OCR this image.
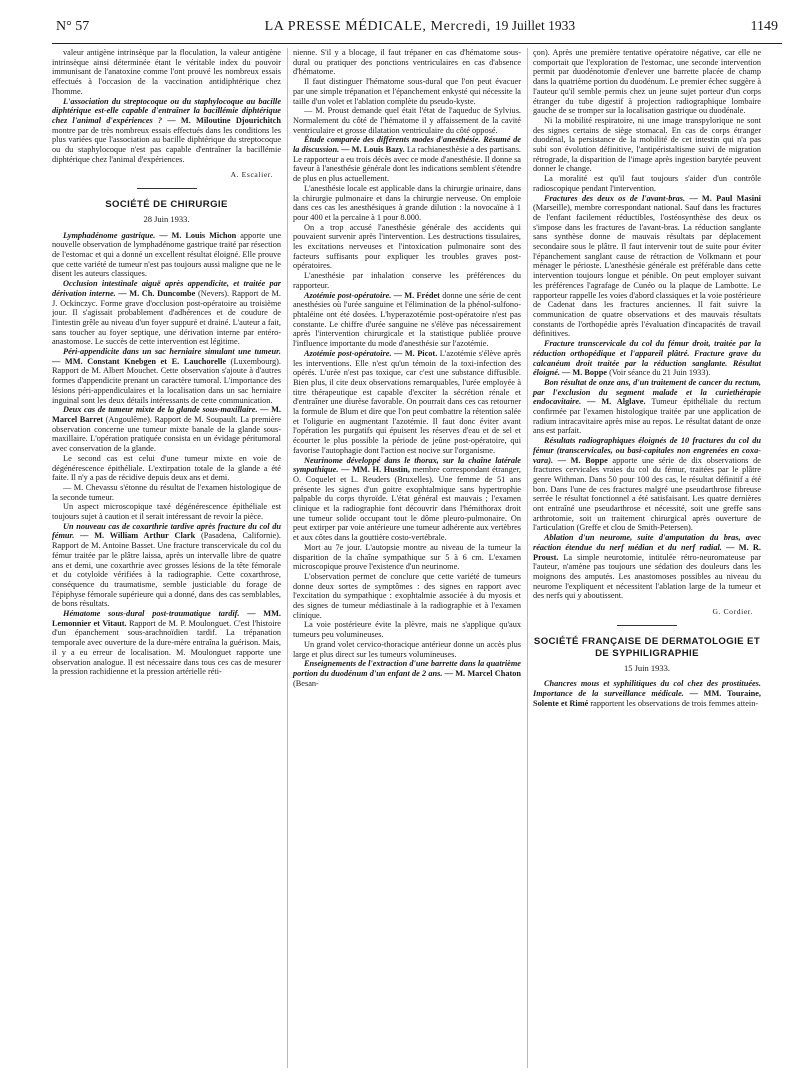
N° 57	LA PRESSE MÉDICALE, Mercredi, 19 Juillet 1933	1149

valeur antigène intrinsèque par la floculation, la valeur antigène intrinsèque ainsi déterminée étant le véritable index du pouvoir immunisant de l'anatoxine comme l'ont prouvé les nombreux essais effectués à l'occasion de la vaccination antidiphtérique chez l'homme.

L'association du streptocoque ou du staphylocoque au bacille diphtérique est-elle capable d'entraîner la bacillémie diphtérique chez l'animal d'expériences ? — M. Miloutine Djourichitch montre par de très nombreux essais effectués dans les conditions les plus variées que l'association au bacille diphtérique du streptocoque ou du staphylocoque n'est pas capable d'entraîner la bacillémie diphtérique chez l'animal d'expériences.

A. Escalier.

SOCIÉTÉ DE CHIRURGIE

28 Juin 1933.

Lymphadénome gastrique. — M. Louis Michon apporte une nouvelle observation de lymphadénome gastrique traité par résection de l'estomac et qui a donné un excellent résultat éloigné. Elle prouve que cette variété de tumeur n'est pas toujours aussi maligne que ne le disent les auteurs classiques.

Occlusion intestinale aiguë après appendicite, et traitée par dérivation interne. — M. Ch. Duncombe (Nevers). Rapport de M. J. Ockinczyc. Forme grave d'occlusion post-opératoire au troisième jour. Il s'agissait probablement d'adhérences et de coudure de l'intestin grêle au niveau d'un foyer suppuré et drainé. L'auteur a fait, sans toucher au foyer septique, une dérivation interne par entéro-anastomose. Le succès de cette intervention est légitime.

Péri-appendicite dans un sac herniaire simulant une tumeur. — MM. Constant Knebgen et E. Lauchorelle (Luxembourg). Rapport de M. Albert Mouchet. Cette observation s'ajoute à d'autres formes d'appendicite prenant un caractère tumoral. L'importance des lésions péri-appendiculaires et la localisation dans un sac herniaire inguinal sont les deux détails intéressants de cette communication.

Deux cas de tumeur mixte de la glande sous-maxillaire. — M. Marcel Barret (Angoulême). Rapport de M. Soupault. La première observation concerne une tumeur mixte banale de la glande sous-maxillaire. L'opération pratiquée consista en un évidage péritumoral avec conservation de la glande.

Le second cas est celui d'une tumeur mixte en voie de dégénérescence épithéliale. L'extirpation totale de la glande a été faite. Il n'y a pas de récidive depuis deux ans et demi.

— M. Chevassu s'étonne du résultat de l'examen histologique de la seconde tumeur.

Un aspect microscopique taxé dégénérescence épithéliale est toujours sujet à caution et il serait intéressant de revoir la pièce.

Un nouveau cas de coxarthrie tardive après fracture du col du fémur. — M. William Arthur Clark (Pasadena, Californie). Rapport de M. Antoine Basset. Une fracture transcervicale du col du fémur traitée par le plâtre laissa, après un intervalle libre de quatre ans et demi, une coxarthrie avec grosses lésions de la tête fémorale et du cotyloïde vérifiées à la radiographie. Cette coxarthrose, conséquence du traumatisme, semble justiciable du forage de l'épiphyse fémorale supérieure qui a donné, dans des cas semblables, de bons résultats.

Hématome sous-dural post-traumatique tardif. — MM. Lemonnier et Vitaut. Rapport de M. P. Moulonguet. C'est l'histoire d'un épanchement sous-arachnoïdien tardif. La trépanation temporale avec ouverture de la dure-mère entraîna la guérison. Mais, il y a eu erreur de localisation. M. Moulonguet rapporte une observation analogue. Il est nécessaire dans tous ces cas de mesurer la pression rachidienne et la pression artérielle réti-

nienne. S'il y a blocage, il faut trépaner en cas d'hématome sous-dural ou pratiquer des ponctions ventriculaires en cas d'absence d'hématome.

Il faut distinguer l'hématome sous-dural que l'on peut évacuer par une simple trépanation et l'épanchement enkysté qui nécessite la taille d'un volet et l'ablation complète du pseudo-kyste.

— M. Proust demande quel était l'état de l'aqueduc de Sylvius. Normalement du côté de l'hématome il y affaissement de la cavité ventriculaire et grosse dilatation ventriculaire du côté opposé.

Étude comparée des différents modes d'anesthésie. Résumé de la discussion. — M. Louis Bazy. La rachianesthésie a des partisans. Le rapporteur a eu trois décès avec ce mode d'anesthésie. Il donne sa faveur à l'anesthésie générale dont les indications semblent s'étendre de plus en plus actuellement.

L'anesthésie locale est applicable dans la chirurgie urinaire, dans la chirurgie pulmonaire et dans la chirurgie nerveuse. On emploie dans ces cas les anesthésiques à grande dilution : la novocaïne à 1 pour 400 et la percaïne à 1 pour 8.000.

On a trop accusé l'anesthésie générale des accidents qui pouvaient survenir après l'intervention. Les destructions tissulaires, les excitations nerveuses et l'intoxication pulmonaire sont des facteurs suffisants pour expliquer les troubles graves post-opératoires.

L'anesthésie par inhalation conserve les préférences du rapporteur.

Azotémie post-opératoire. — M. Frédet donne une série de cent anesthésies où l'urée sanguine et l'élimination de la phénol-sulfono-phtaléine ont été dosées. L'hyperazotémie post-opératoire n'est pas constante. Le chiffre d'urée sanguine ne s'élève pas nécessairement après l'intervention chirurgicale et la statistique publiée prouve l'influence importante du mode d'anesthésie sur l'azotémie.

Azotémie post-opératoire. — M. Picot. L'azotémie s'élève après les interventions. Elle n'est qu'un témoin de la toxi-infection des opérés. L'urée n'est pas toxique, car c'est une substance diffusible. Bien plus, il cite deux observations remarquables, l'urée employée à titre thérapeutique est capable d'exciter la sécrétion rénale et d'entraîner une diurèse favorable. On pourrait dans ces cas retourner la formule de Blum et dire que l'on peut combattre la rétention salée et l'oligurie en augmentant l'azotémie. Il faut donc éviter avant l'opération les purgatifs qui épuisent les réserves d'eau et de sel et écourter le plus possible la période de jeûne post-opératoire, qui favorise l'autophagie dont l'action est nocive sur l'organisme.

Neurinome développé dans le thorax, sur la chaîne latérale sympathique. — MM. H. Hustin, membre correspondant étranger, O. Coquelet et L. Reuders (Bruxelles). Une femme de 51 ans présente les signes d'un goitre exophtalmique sans hypertrophie palpable du corps thyroïde. L'état général est mauvais ; l'examen clinique et la radiographie font découvrir dans l'hémithorax droit une tumeur solide occupant tout le dôme pleuro-pulmonaire. On peut extirper par voie antérieure une tumeur adhérente aux vertèbres et aux côtes dans la gouttière costo-vertébrale.

Mort au 7e jour. L'autopsie montre au niveau de la tumeur la disparition de la chaîne sympathique sur 5 à 6 cm. L'examen microscopique prouve l'existence d'un neurinome.

L'observation permet de conclure que cette variété de tumeurs donne deux sortes de symptômes : des signes en rapport avec l'excitation du sympathique : exophtalmie associée à du myosis et des signes de tumeur médiastinale à la radiographie et à l'examen clinique.

La voie postérieure évite la plèvre, mais ne s'applique qu'aux tumeurs peu volumineuses.

Un grand volet cervico-thoracique antérieur donne un accès plus large et plus direct sur les tumeurs volumineuses.

Enseignements de l'extraction d'une barrette dans la quatrième portion du duodénum d'un enfant de 2 ans. — M. Marcel Chaton (Besan-

çon). Après une première tentative opératoire négative, car elle ne comportait que l'exploration de l'estomac, une seconde intervention permit par duodénotomie d'enlever une barrette placée de champ dans la quatrième portion du duodénum. Le premier échec suggère à l'auteur qu'il semble permis chez un jeune sujet porteur d'un corps étranger du tube digestif à projection radiographique lombaire gauche de se tromper sur la localisation gastrique ou duodénale.

Ni la mobilité respiratoire, ni une image transpylorique ne sont des signes certains de siège stomacal. En cas de corps étranger duodénal, la persistance de la mobilité de cet intestin qui n'a pas subi son évolution définitive, l'antipéristaltisme suivi de migration rétrograde, la disparition de l'image après ingestion barytée peuvent donner le change.

La moralité est qu'il faut toujours s'aider d'un contrôle radioscopique pendant l'intervention.

Fractures des deux os de l'avant-bras. — M. Paul Masini (Marseille), membre correspondant national. Sauf dans les fractures de l'enfant facilement réductibles, l'ostéosynthèse des deux os s'impose dans les fractures de l'avant-bras. La réduction sanglante sans synthèse donne de mauvais résultats par déplacement secondaire sous le plâtre. Il faut intervenir tout de suite pour éviter l'épanchement sanglant cause de rétraction de Volkmann et pour ménager le périoste. L'anesthésie générale est préférable dans cette intervention toujours longue et pénible. On peut employer suivant les préférences l'agrafage de Cunéo ou la plaque de Lambotte. Le rapporteur rappelle les voies d'abord classiques et la voie postérieure de Cadenat dans les fractures anciennes. Il fait suivre la communication de quatre observations et des mauvais résultats constants de l'orthopédie après l'évaluation d'incapacités de travail définitives.

Fracture transcervicale du col du fémur droit, traitée par la réduction orthopédique et l'appareil plâtré. Fracture grave du calcanéum droit traitée par la réduction sanglante. Résultat éloigné. — M. Boppe (Voir séance du 21 Juin 1933).

Bon résultat de onze ans, d'un traitement de cancer du rectum, par l'exclusion du segment malade et la curiethérapie endocavitaire. — M. Alglave. Tumeur épithéliale du rectum confirmée par l'examen histologique traitée par une application de radium intracavitaire après mise au repos. Le résultat datant de onze ans est parfait.

Résultats radiographiques éloignés de 10 fractures du col du fémur (transcervicales, ou basi-capitales non engrenées en coxa-vara). — M. Boppe apporte une série de dix observations de fractures cervicales vraies du col du fémur, traitées par le plâtre genre Withman. Dans 50 pour 100 des cas, le résultat définitif a été bon. Dans l'une de ces fractures malgré une pseudarthrose fibreuse serrée le résultat fonctionnel a été satisfaisant. Les quatre dernières ont entraîné une pseudarthrose et nécessité, soit une greffe sans arthrotomie, soit un traitement chirurgical après ouverture de l'articulation (Greffe et clou de Smith-Petersen).

Ablation d'un neurome, suite d'amputation du bras, avec réaction étendue du nerf médian et du nerf radial. — M. R. Proust. La simple neurotomie, intitulée rétro-neuromateuse par l'auteur, n'amène pas toujours une sédation des douleurs dans les moignons des amputés. Les anastomoses possibles au niveau du neurome l'expliquent et nécessitent l'ablation large de la tumeur et des nerfs qui y aboutissent.

G. Cordier.

SOCIÉTÉ FRANÇAISE DE DERMATOLOGIE ET DE SYPHILIGRAPHIE

15 Juin 1933.

Chancres mous et syphilitiques du col chez des prostituées. Importance de la surveillance médicale. — MM. Touraine, Solente et Rimé rapportent les observations de trois femmes attein-
